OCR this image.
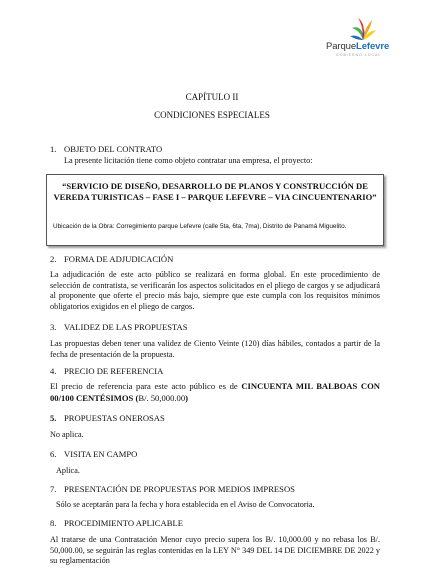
ParqueLefevre
GOBIERNO LOCAL
CAPÍTULO II
CONDICIONES ESPECIALES
1. OBJETO DEL CONTRATO
La presente licitación tiene como objeto contratar una empresa, el proyecto:
“SERVICIO DE DISEÑO, DESARROLLO DE PLANOS Y CONSTRUCCIÓN DE VEREDA TURISTICAS – FASE I – PARQUE LEFEVRE – VIA CINCUENTENARIO”
Ubicación de la Obra: Corregimiento parque Lefevre (calle 5ta, 6ta, 7ma), Distrito de Panamá Miguelito.
2. FORMA DE ADJUDICACIÓN
La adjudicación de este acto público se realizará en forma global. En este procedimiento de selección de contratista, se verificarán los aspectos solicitados en el pliego de cargos y se adjudicará al proponente que oferte el precio más bajo, siempre que este cumpla con los requisitos mínimos obligatorios exigidos en el pliego de cargos.
3. VALIDEZ DE LAS PROPUESTAS
Las propuestas deben tener una validez de Ciento Veinte (120) días hábiles, contados a partir de la fecha de presentación de la propuesta.
4. PRECIO DE REFERENCIA
El precio de referencia para este acto público es de CINCUENTA MIL BALBOAS CON 00/100 CENTÉSIMOS (B/. 50,000.00)
5. PROPUESTAS ONEROSAS
No aplica.
6. VISITA EN CAMPO
Aplica.
7. PRESENTACIÓN DE PROPUESTAS POR MEDIOS IMPRESOS
Sólo se aceptarán para la fecha y hora establecida en el Aviso de Convocatoria.
8. PROCEDIMIENTO APLICABLE
Al tratarse de una Contratación Menor cuyo precio supera los B/. 10,000.00 y no rebasa los B/. 50,000.00, se seguirán las reglas contenidas en la LEY N° 349 DEL 14 DE DICIEMBRE DE 2022 y su reglamentación
